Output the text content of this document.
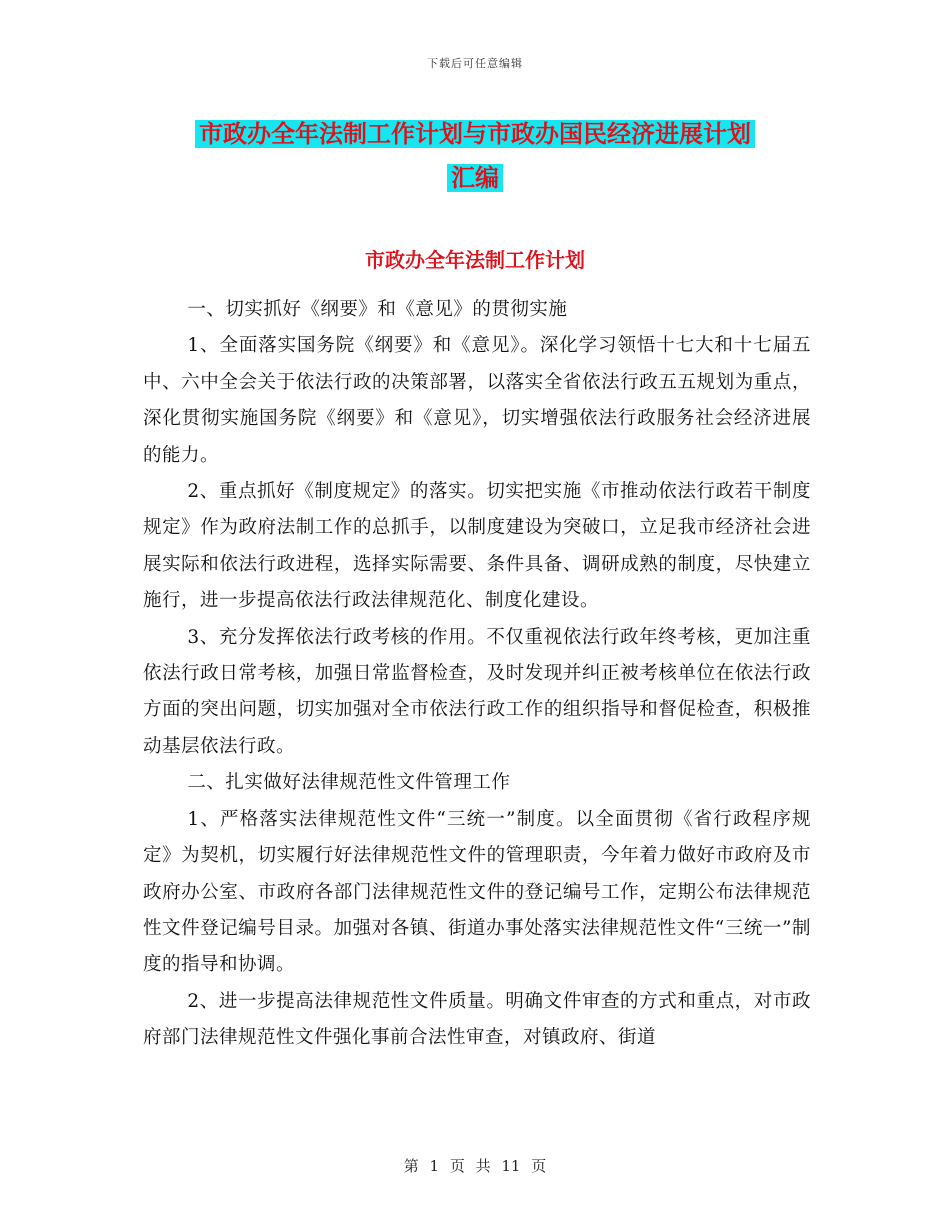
下载后可任意编辑
市政办全年法制工作计划与市政办国民经济进展计划
汇编
市政办全年法制工作计划

一、切实抓好《纲要》和《意见》的贯彻实施

1、全面落实国务院《纲要》和《意见》。深化学习领悟十七大和十七届五中、六中全会关于依法行政的决策部署，以落实全省依法行政五五规划为重点，深化贯彻实施国务院《纲要》和《意见》，切实增强依法行政服务社会经济进展的能力。

2、重点抓好《制度规定》的落实。切实把实施《市推动依法行政若干制度规定》作为政府法制工作的总抓手，以制度建设为突破口，立足我市经济社会进展实际和依法行政进程，选择实际需要、条件具备、调研成熟的制度，尽快建立施行，进一步提高依法行政法律规范化、制度化建设。

3、充分发挥依法行政考核的作用。不仅重视依法行政年终考核，更加注重依法行政日常考核，加强日常监督检查，及时发现并纠正被考核单位在依法行政方面的突出问题，切实加强对全市依法行政工作的组织指导和督促检查，积极推动基层依法行政。

二、扎实做好法律规范性文件管理工作

1、严格落实法律规范性文件“三统一”制度。以全面贯彻《省行政程序规定》为契机，切实履行好法律规范性文件的管理职责，今年着力做好市政府及市政府办公室、市政府各部门法律规范性文件的登记编号工作，定期公布法律规范性文件登记编号目录。加强对各镇、街道办事处落实法律规范性文件“三统一”制度的指导和协调。

2、进一步提高法律规范性文件质量。明确文件审查的方式和重点，对市政府部门法律规范性文件强化事前合法性审查，对镇政府、街道

第 1 页 共 11 页
